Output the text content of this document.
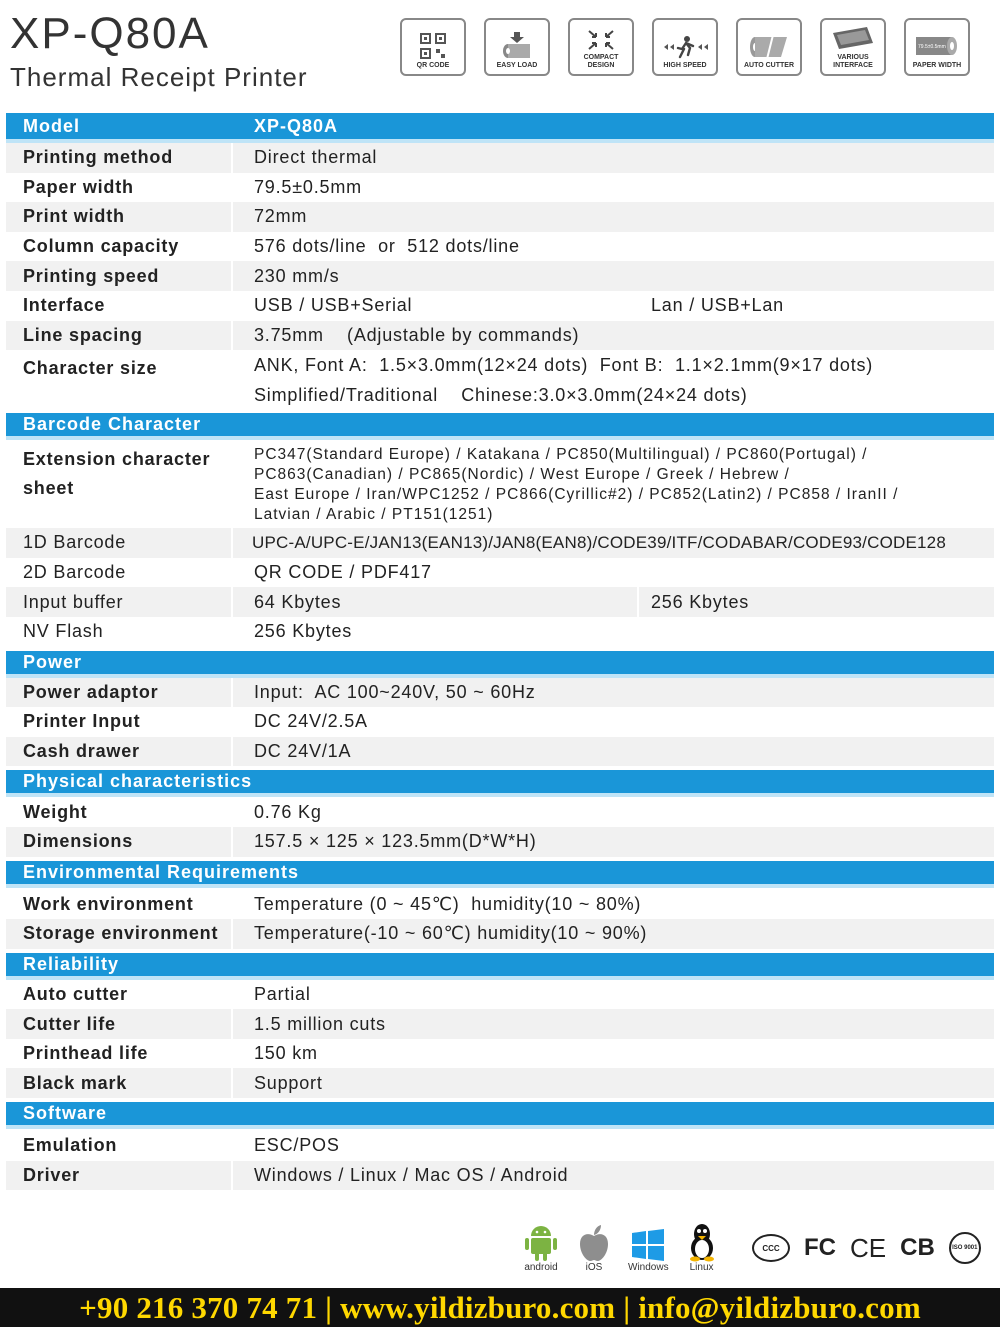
XP-Q80A
Thermal Receipt Printer	QR CODE	EASY LOAD
COMPACT DESIGN	HIGH SPEED	AUTO CUTTER
VARIOUS INTERFACE
79.5±0.5mm
PAPER WIDTH
Model	XP-Q80A
Printing method	Direct thermal
Paper width	79.5±0.5mm
Print width	72mm
Column capacity	576 dots/line  or  512 dots/line
Printing speed	230 mm/s
Interface	USB / USB+Serial	Lan / USB+Lan
Line spacing	3.75mm    (Adjustable by commands)
Character size	ANK, Font A:  1.5×3.0mm(12×24 dots)  Font B:  1.1×2.1mm(9×17 dots)
Simplified/Traditional    Chinese:3.0×3.0mm(24×24 dots)
Barcode Character
Extension character
sheet
PC347(Standard Europe) / Katakana / PC850(Multilingual) / PC860(Portugal) /
PC863(Canadian) / PC865(Nordic) / West Europe / Greek / Hebrew /
East Europe / Iran/WPC1252 / PC866(Cyrillic#2) / PC852(Latin2) / PC858 / IranII /
Latvian / Arabic / PT151(1251)
1D Barcode	UPC-A/UPC-E/JAN13(EAN13)/JAN8(EAN8)/CODE39/ITF/CODABAR/CODE93/CODE128
2D Barcode	QR CODE / PDF417
Input buffer	64 Kbytes	256 Kbytes
NV Flash	256 Kbytes
Power
Power adaptor	Input:  AC 100~240V, 50 ~ 60Hz
Printer Input	DC 24V/2.5A
Cash drawer	DC 24V/1A
Physical characteristics
Weight	0.76 Kg
Dimensions	157.5 × 125 × 123.5mm(D*W*H)
Environmental Requirements
Work environment	Temperature (0 ~ 45℃)  humidity(10 ~ 80%)
Storage environment	Temperature(-10 ~ 60℃) humidity(10 ~ 90%)
Reliability
Auto cutter	Partial
Cutter life	1.5 million cuts
Printhead life	150 km
Black mark	Support
Software
Emulation	ESC/POS
Driver	Windows / Linux / Mac OS / Android
android	iOS	Windows Linux
CCC	FC CE CB	ISO 9001
+90 216 370 74 71 | www.yildizburo.com | info@yildizburo.com
